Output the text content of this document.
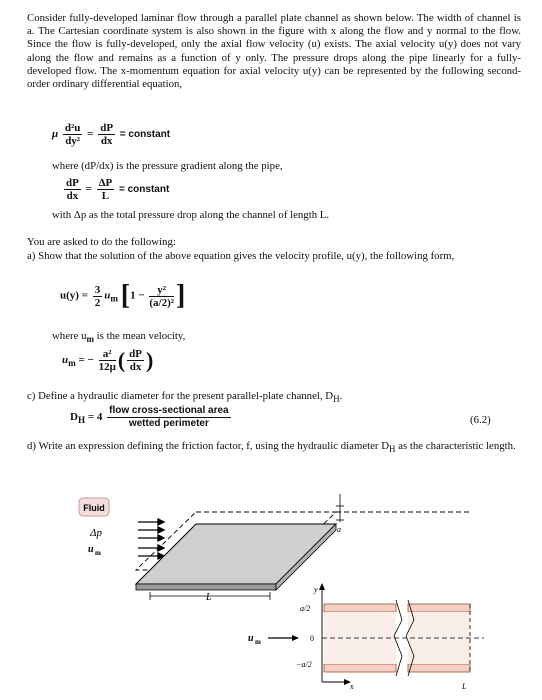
Consider fully-developed laminar flow through a parallel plate channel as shown below. The width of channel is a. The Cartesian coordinate system is also shown in the figure with x along the flow and y normal to the flow. Since the flow is fully-developed, only the axial flow velocity (u) exists. The axial velocity u(y) does not vary along the flow and remains as a function of y only. The pressure drops along the pipe linearly for a fully-developed flow. The x-momentum equation for axial velocity u(y) can be represented by the following second-order ordinary differential equation,
μ $\frac{\text{d²u}}{\text{dy²}} = \frac{dP}{dx}$ = constant
where (dP/dx) is the pressure gradient along the pipe,
$\frac{dP}{dx} = \frac{\Delta P}{L}$ = constant
with Δp as the total pressure drop along the channel of length L.
You are asked to do the following:
a) Show that the solution of the above equation gives the velocity profile, u(y), the following form,
$u(y) = \frac{3}{2} u_m$ [$1 - \frac{\text{y²}}{\text{(a/2)²}}$ ]
where $u_m$ is the mean velocity,
$u_m$ = − $\frac{\text{a²}}{12\mu}$ ( $\frac{dP}{dx}$ )
c) Define a hydraulic diameter for the present parallel-plate channel, $D_H$.
$D_H = 4 \frac{\text{flow cross-sectional area}}{\text{wetted perimeter}}$	(6.2)
d) Write an expression defining the friction factor, f, using the hydraulic diameter $D_H$ as the characteristic length.
Fluid
Δp
u m
L
a
y
x
a/2
0
−a/2
u m
L
